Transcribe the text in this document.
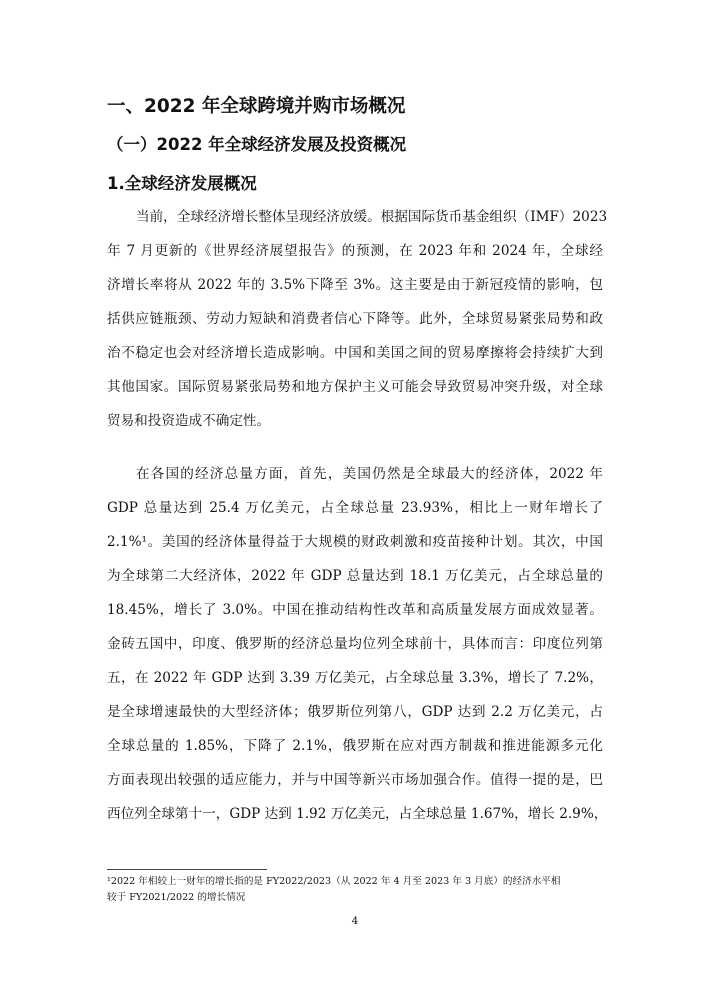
一、2022 年全球跨境并购市场概况
（一）2022 年全球经济发展及投资概况
1.全球经济发展概况
当前，全球经济增长整体呈现经济放缓。根据国际货币基金组织（IMF）2023
年 7 月更新的《世界经济展望报告》的预测，在 2023 年和 2024 年，全球经
济增长率将从 2022 年的 3.5%下降至 3%。这主要是由于新冠疫情的影响，包
括供应链瓶颈、劳动力短缺和消费者信心下降等。此外，全球贸易紧张局势和政
治不稳定也会对经济增长造成影响。中国和美国之间的贸易摩擦将会持续扩大到
其他国家。国际贸易紧张局势和地方保护主义可能会导致贸易冲突升级，对全球
贸易和投资造成不确定性。
在各国的经济总量方面，首先，美国仍然是全球最大的经济体，2022 年
GDP 总量达到 25.4 万亿美元，占全球总量 23.93%，相比上一财年增长了
2.1%¹。美国的经济体量得益于大规模的财政刺激和疫苗接种计划。其次，中国
为全球第二大经济体，2022 年 GDP 总量达到 18.1 万亿美元，占全球总量的
18.45%，增长了 3.0%。中国在推动结构性改革和高质量发展方面成效显著。
金砖五国中，印度、俄罗斯的经济总量均位列全球前十，具体而言：印度位列第
五，在 2022 年 GDP 达到 3.39 万亿美元，占全球总量 3.3%，增长了 7.2%，
是全球增速最快的大型经济体；俄罗斯位列第八，GDP 达到 2.2 万亿美元，占
全球总量的 1.85%，下降了 2.1%，俄罗斯在应对西方制裁和推进能源多元化
方面表现出较强的适应能力，并与中国等新兴市场加强合作。值得一提的是，巴
西位列全球第十一，GDP 达到 1.92 万亿美元，占全球总量 1.67%，增长 2.9%，
¹2022 年相较上一财年的增长指的是 FY2022/2023（从 2022 年 4 月至 2023 年 3 月底）的经济水平相
较于 FY2021/2022 的增长情况
4
